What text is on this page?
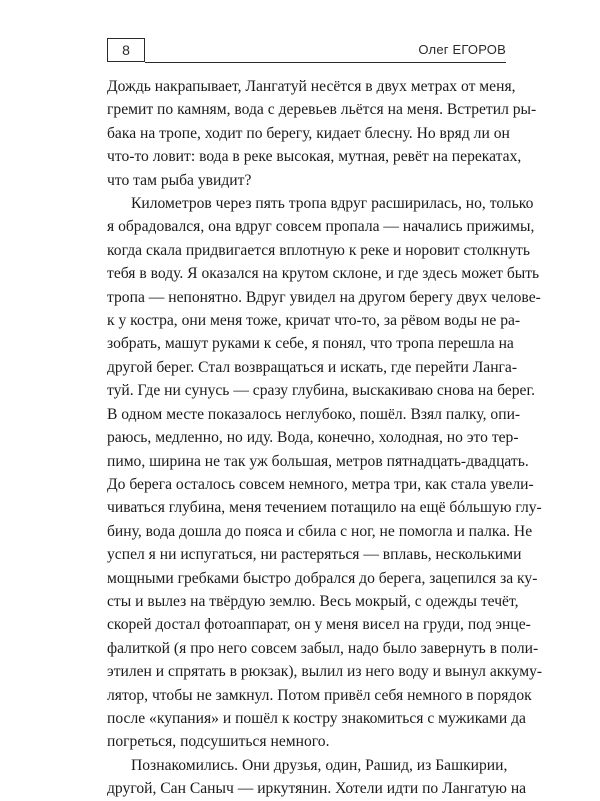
8	Олег ЕГОРОВ
Дождь накрапывает, Лангатуй несётся в двух метрах от меня,
гремит по камням, вода с деревьев льётся на меня. Встретил ры-
бака на тропе, ходит по берегу, кидает блесну. Но вряд ли он
что-то ловит: вода в реке высокая, мутная, ревёт на перекатах,
что там рыба увидит?
Километров через пять тропа вдруг расширилась, но, только
я обрадовался, она вдруг совсем пропала — начались прижимы,
когда скала придвигается вплотную к реке и норовит столкнуть
тебя в воду. Я оказался на крутом склоне, и где здесь может быть
тропа — непонятно. Вдруг увидел на другом берегу двух челове-
к у костра, они меня тоже, кричат что-то, за рёвом воды не ра-
зобрать, машут руками к себе, я понял, что тропа перешла на
другой берег. Стал возвращаться и искать, где перейти Ланга-
туй. Где ни сунусь — сразу глубина, выскакиваю снова на берег.
В одном месте показалось неглубоко, пошёл. Взял палку, опи-
раюсь, медленно, но иду. Вода, конечно, холодная, но это тер-
пимо, ширина не так уж большая, метров пятнадцать-двадцать.
До берега осталось совсем немного, метра три, как стала увели-
чиваться глубина, меня течением потащило на ещё бóльшую глу-
бину, вода дошла до пояса и сбила с ног, не помогла и палка. Не
успел я ни испугаться, ни растеряться — вплавь, несколькими
мощными гребками быстро добрался до берега, зацепился за ку-
сты и вылез на твёрдую землю. Весь мокрый, с одежды течёт,
скорей достал фотоаппарат, он у меня висел на груди, под энце-
фалиткой (я про него совсем забыл, надо было завернуть в поли-
этилен и спрятать в рюкзак), вылил из него воду и вынул аккуму-
лятор, чтобы не замкнул. Потом привёл себя немного в порядок
после «купания» и пошёл к костру знакомиться с мужиками да
погреться, подсушиться немного.
Познакомились. Они друзья, один, Рашид, из Башкирии,
другой, Сан Саныч — иркутянин. Хотели идти по Лангатую на
